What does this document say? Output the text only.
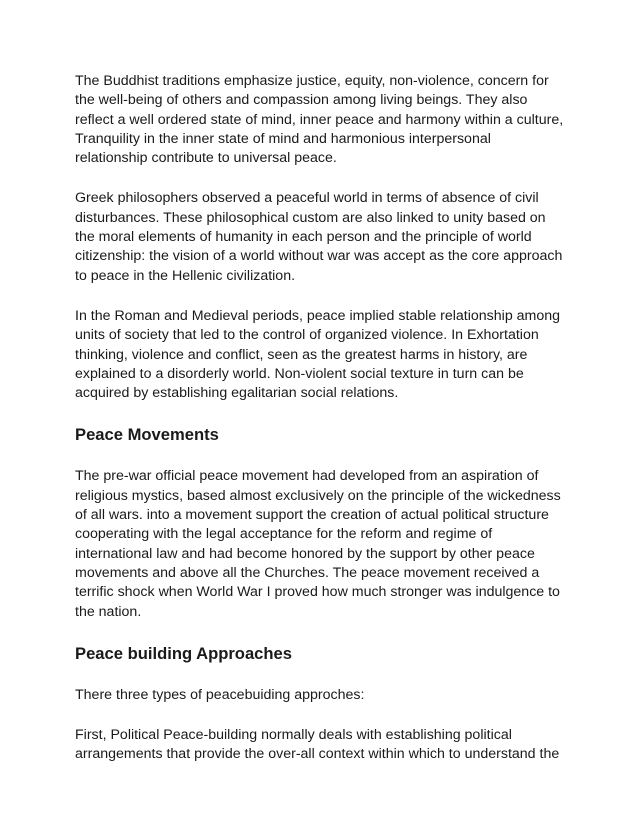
The Buddhist traditions emphasize justice, equity, non-violence, concern for
the well-being of others and compassion among living beings. They also
reflect a well ordered state of mind, inner peace and harmony within a culture,
Tranquility in the inner state of mind and harmonious interpersonal
relationship contribute to universal peace.

Greek philosophers observed a peaceful world in terms of absence of civil
disturbances. These philosophical custom are also linked to unity based on
the moral elements of humanity in each person and the principle of world
citizenship: the vision of a world without war was accept as the core approach
to peace in the Hellenic civilization.

In the Roman and Medieval periods, peace implied stable relationship among
units of society that led to the control of organized violence. In Exhortation
thinking, violence and conflict, seen as the greatest harms in history, are
explained to a disorderly world. Non-violent social texture in turn can be
acquired by establishing egalitarian social relations.

Peace Movements

The pre-war official peace movement had developed from an aspiration of
religious mystics, based almost exclusively on the principle of the wickedness
of all wars. into a movement support the creation of actual political structure
cooperating with the legal acceptance for the reform and regime of
international law and had become honored by the support by other peace
movements and above all the Churches. The peace movement received a
terrific shock when World War I proved how much stronger was indulgence to
the nation.

Peace building Approaches

There three types of peacebuiding approches:

First, Political Peace-building normally deals with establishing political
arrangements that provide the over-all context within which to understand the
